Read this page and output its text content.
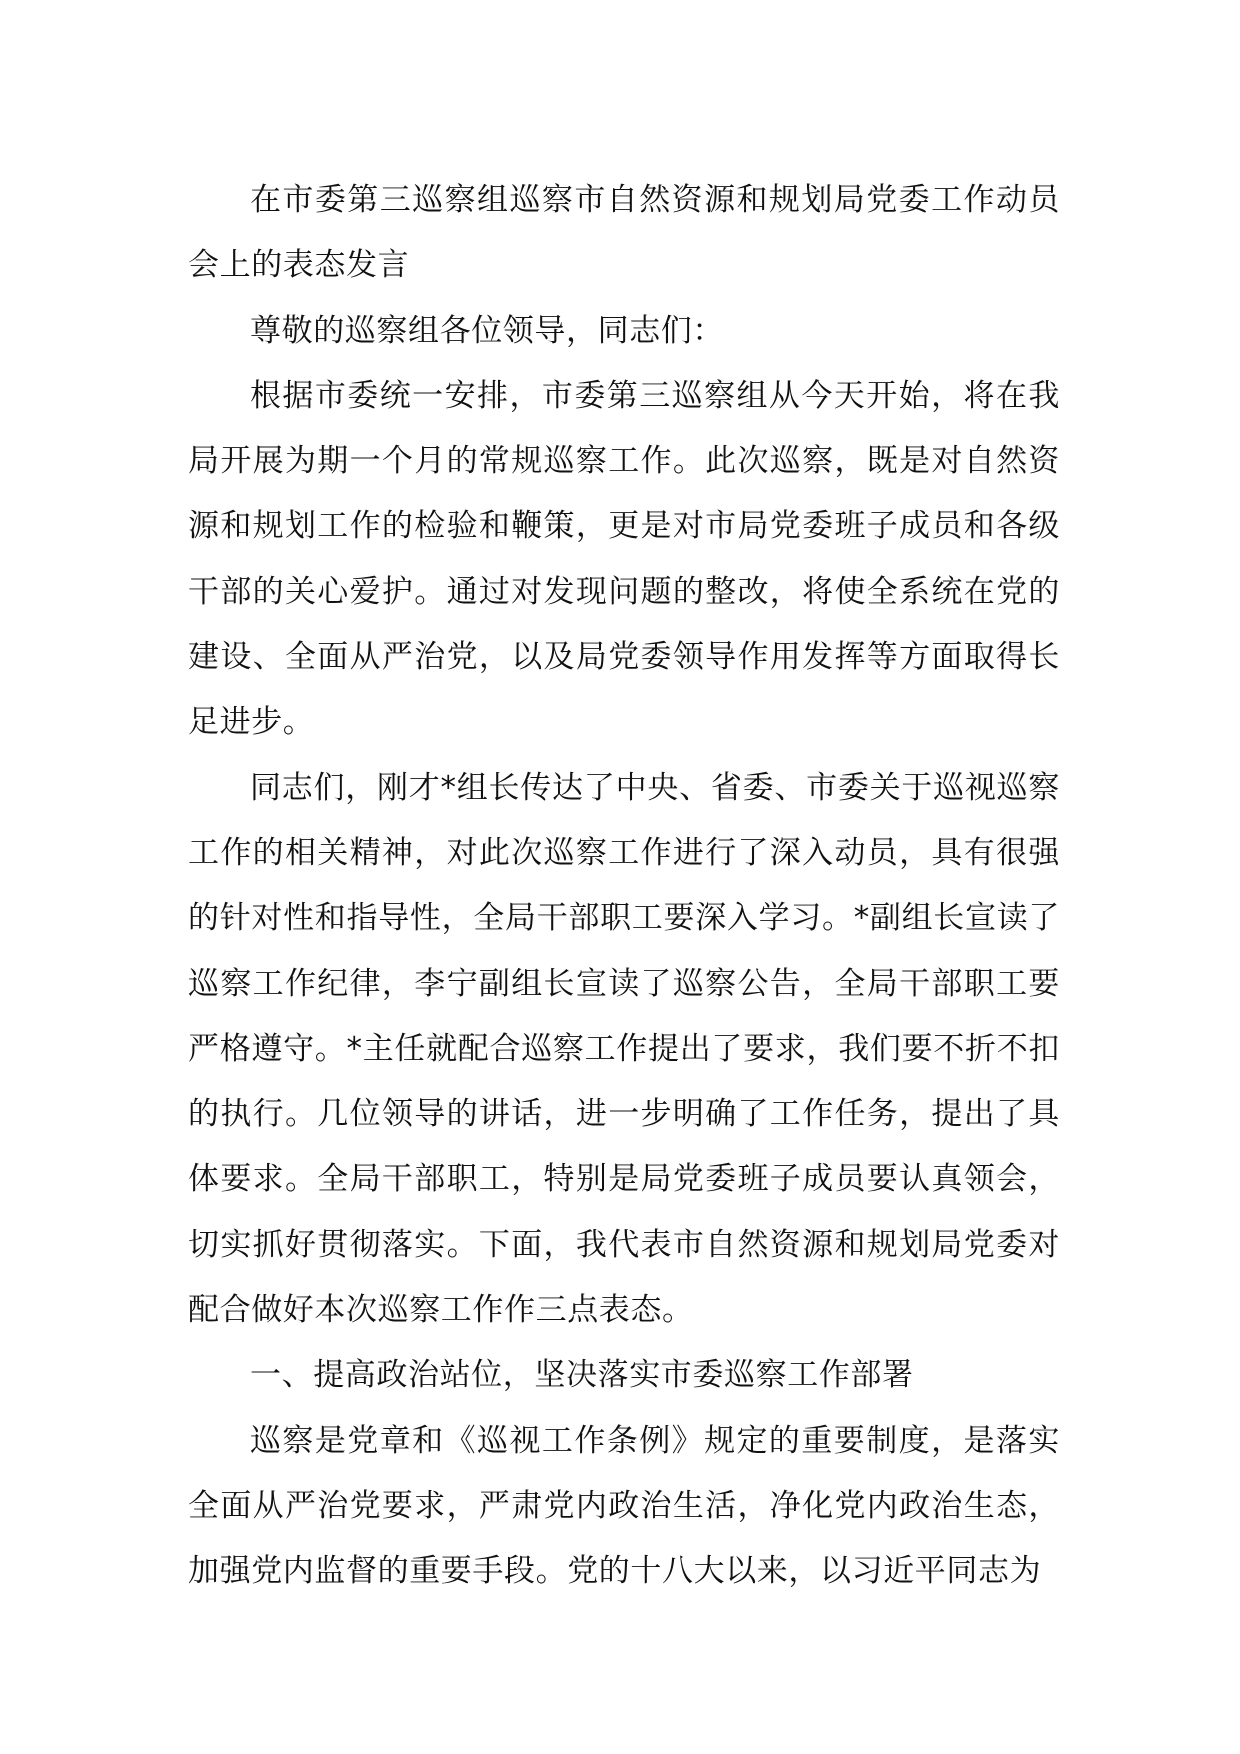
在市委第三巡察组巡察市自然资源和规划局党委工作动员会上的表态发言

尊敬的巡察组各位领导，同志们：

根据市委统一安排，市委第三巡察组从今天开始，将在我局开展为期一个月的常规巡察工作。此次巡察，既是对自然资源和规划工作的检验和鞭策，更是对市局党委班子成员和各级干部的关心爱护。通过对发现问题的整改，将使全系统在党的建设、全面从严治党，以及局党委领导作用发挥等方面取得长足进步。

同志们，刚才*组长传达了中央、省委、市委关于巡视巡察工作的相关精神，对此次巡察工作进行了深入动员，具有很强的针对性和指导性，全局干部职工要深入学习。*副组长宣读了巡察工作纪律，李宁副组长宣读了巡察公告，全局干部职工要严格遵守。*主任就配合巡察工作提出了要求，我们要不折不扣的执行。几位领导的讲话，进一步明确了工作任务，提出了具体要求。全局干部职工，特别是局党委班子成员要认真领会，切实抓好贯彻落实。下面，我代表市自然资源和规划局党委对配合做好本次巡察工作作三点表态。

一、提高政治站位，坚决落实市委巡察工作部署

巡察是党章和《巡视工作条例》规定的重要制度，是落实全面从严治党要求，严肃党内政治生活，净化党内政治生态，加强党内监督的重要手段。党的十八大以来，以习近平同志为
